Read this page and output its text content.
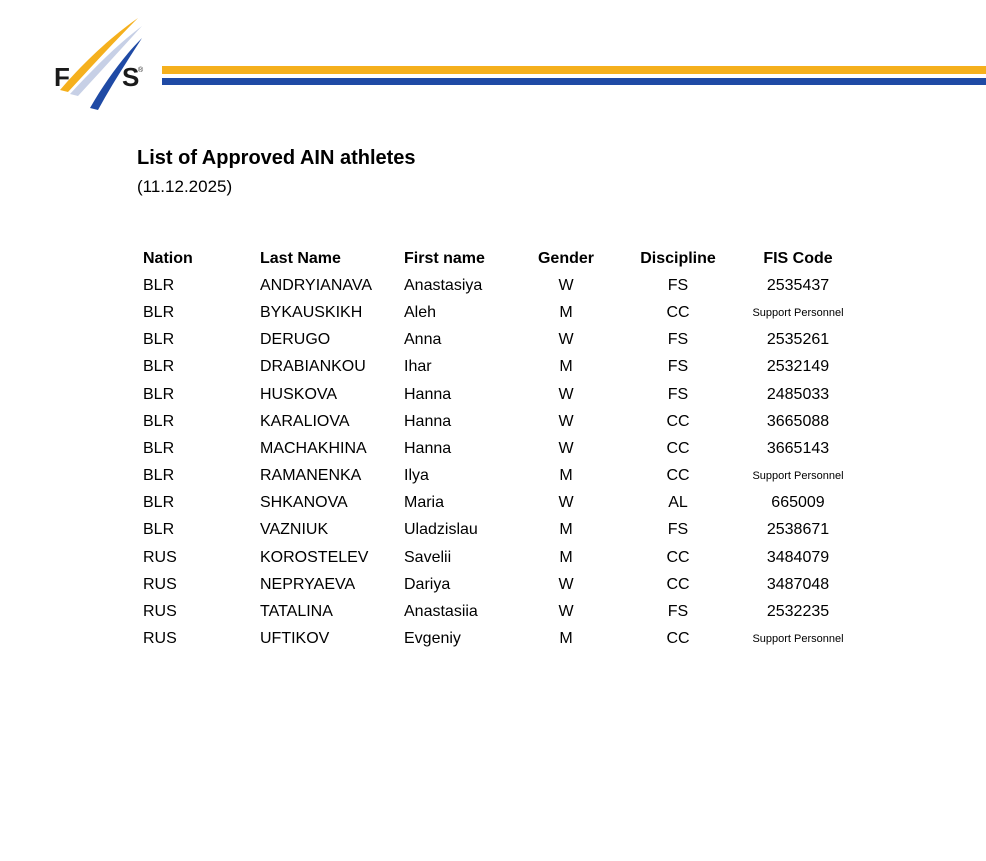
F S
®
List of Approved AIN athletes
(11.12.2025)
Nation	Last Name	First name	Gender	Discipline	FIS Code
BLR	ANDRYIANAVA	Anastasiya	W	FS	2535437
BLR	BYKAUSKIKH	Aleh	M	CC	Support Personnel
BLR	DERUGO	Anna	W	FS	2535261
BLR	DRABIANKOU	Ihar	M	FS	2532149
BLR	HUSKOVA	Hanna	W	FS	2485033
BLR	KARALIOVA	Hanna	W	CC	3665088
BLR	MACHAKHINA	Hanna	W	CC	3665143
BLR	RAMANENKA	Ilya	M	CC	Support Personnel
BLR	SHKANOVA	Maria	W	AL	665009
BLR	VAZNIUK	Uladzislau	M	FS	2538671
RUS	KOROSTELEV	Savelii	M	CC	3484079
RUS	NEPRYAEVA	Dariya	W	CC	3487048
RUS	TATALINA	Anastasiia	W	FS	2532235
RUS	UFTIKOV	Evgeniy	M	CC	Support Personnel
